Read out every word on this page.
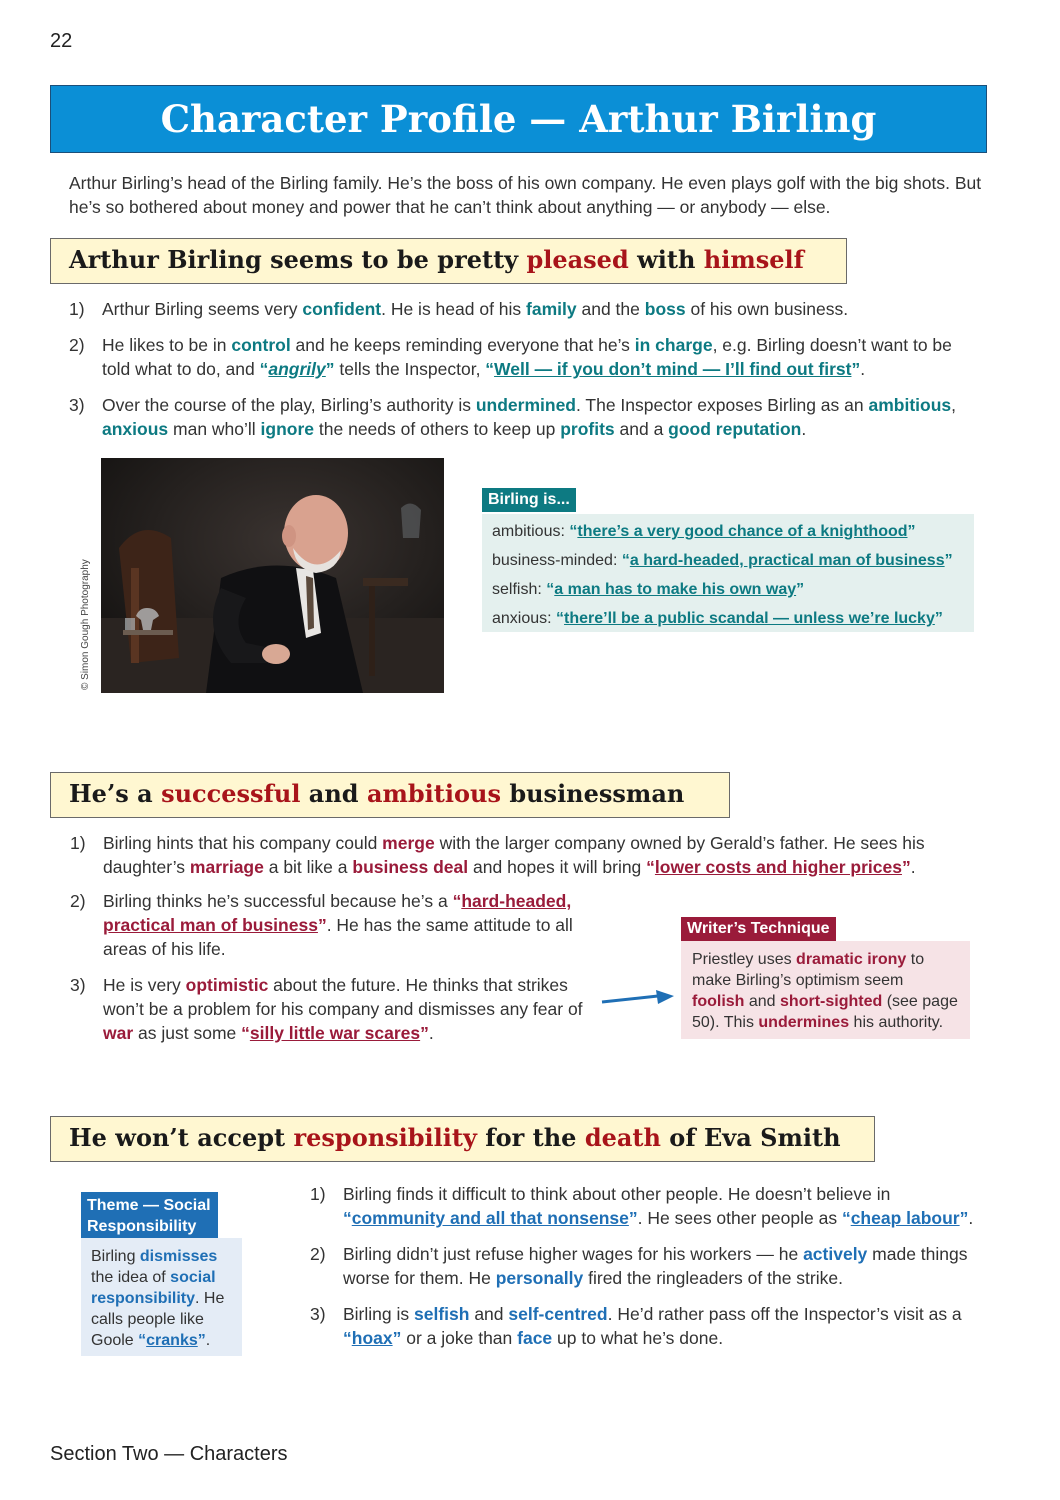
22
Character Profile — Arthur Birling
Arthur Birling’s head of the Birling family. He’s the boss of his own company. He even plays golf with the big shots. But he’s so bothered about money and power that he can’t think about anything — or anybody — else.
Arthur Birling seems to be pretty pleased with himself
1) Arthur Birling seems very confident. He is head of his family and the boss of his own business.
2) He likes to be in control and he keeps reminding everyone that he’s in charge, e.g. Birling doesn’t want to be told what to do, and “angrily” tells the Inspector, “Well — if you don’t mind — I’ll find out first”.
3) Over the course of the play, Birling’s authority is undermined. The Inspector exposes Birling as an ambitious, anxious man who’ll ignore the needs of others to keep up profits and a good reputation.
© Simon Gough Photography
Birling is...
ambitious: “there’s a very good chance of a knighthood”
business-minded: “a hard-headed, practical man of business”
selfish: “a man has to make his own way”
anxious: “there’ll be a public scandal — unless we’re lucky”
He’s a successful and ambitious businessman
1) Birling hints that his company could merge with the larger company owned by Gerald’s father. He sees his daughter’s marriage a bit like a business deal and hopes it will bring “lower costs and higher prices”.
2) Birling thinks he’s successful because he’s a “hard-headed, practical man of business”. He has the same attitude to all areas of his life.
3) He is very optimistic about the future. He thinks that strikes won’t be a problem for his company and dismisses any fear of war as just some “silly little war scares”.
Writer’s Technique
Priestley uses dramatic irony to make Birling’s optimism seem foolish and short-sighted (see page 50). This undermines his authority.
He won’t accept responsibility for the death of Eva Smith
Theme — Social Responsibility
Birling dismisses the idea of social responsibility. He calls people like Goole “cranks”.
1) Birling finds it difficult to think about other people. He doesn’t believe in “community and all that nonsense”. He sees other people as “cheap labour”.
2) Birling didn’t just refuse higher wages for his workers — he actively made things worse for them. He personally fired the ringleaders of the strike.
3) Birling is selfish and self-centred. He’d rather pass off the Inspector’s visit as a “hoax” or a joke than face up to what he’s done.
Section Two — Characters
